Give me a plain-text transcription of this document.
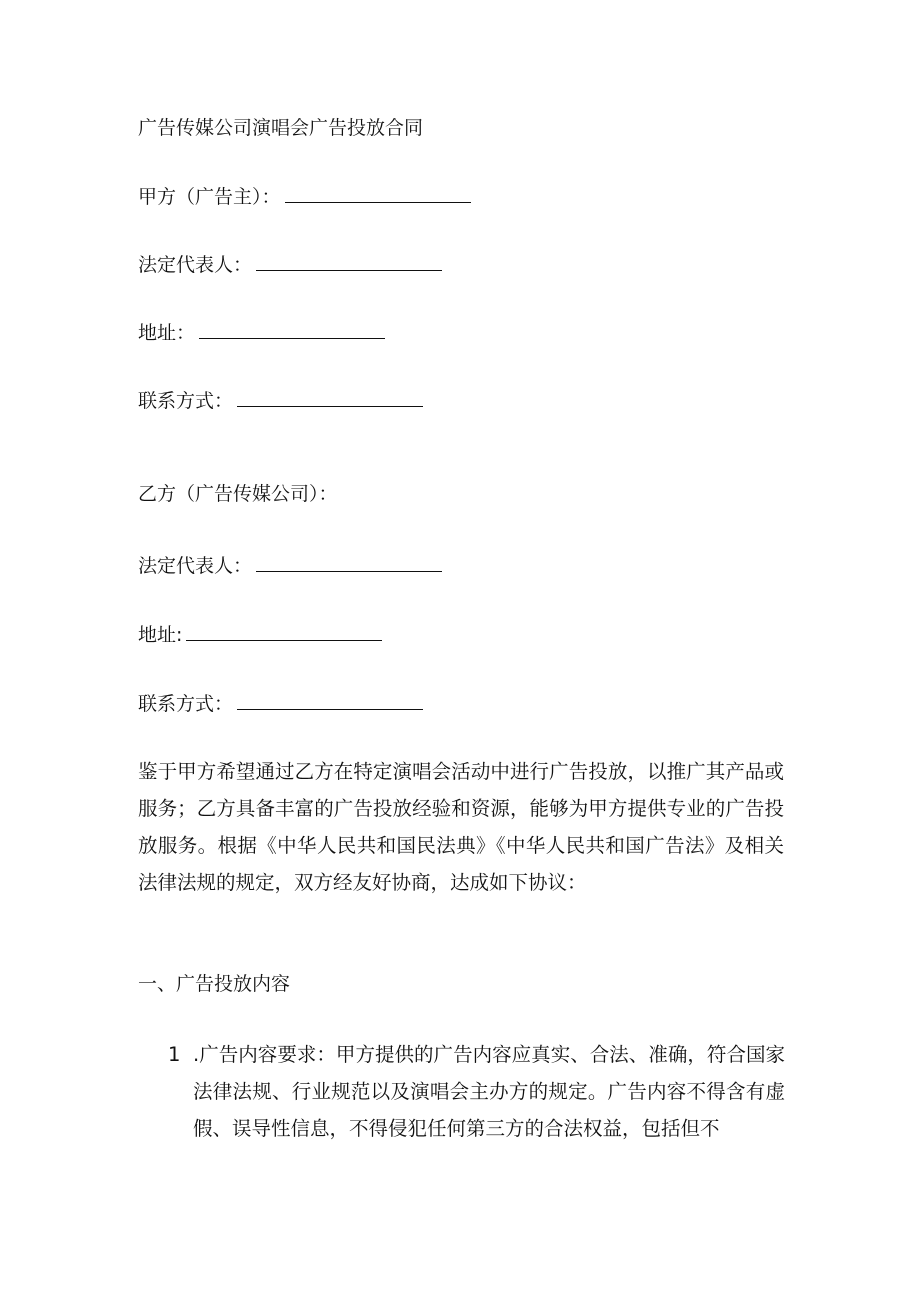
广告传媒公司演唱会广告投放合同
甲方（广告主）：
法定代表人：
地址：
联系方式：
乙方（广告传媒公司）：
法定代表人：
地址:
联系方式：
鉴于甲方希望通过乙方在特定演唱会活动中进行广告投放，以推广其产品或服务；乙方具备丰富的广告投放经验和资源，能够为甲方提供专业的广告投放服务。根据《中华人民共和国民法典》《中华人民共和国广告法》及相关法律法规的规定，双方经友好协商，达成如下协议：
一、广告投放内容
1 .广告内容要求：甲方提供的广告内容应真实、合法、准确，符合国家法律法规、行业规范以及演唱会主办方的规定。广告内容不得含有虚假、误导性信息，不得侵犯任何第三方的合法权益，包括但不
